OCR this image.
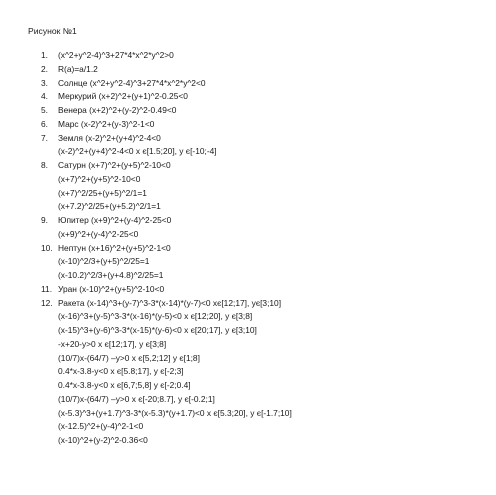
Рисунок №1
1.	(x^2+y^2-4)^3+27*4*x^2*y^2>0
2.	R(a)=a/1.2
3.	Солнце (x^2+y^2-4)^3+27*4*x^2*y^2<0
4.	Меркурий (x+2)^2+(y+1)^2-0.25<0
5.	Венера (x+2)^2+(y-2)^2-0.49<0
6.	Марс (x-2)^2+(y-3)^2-1<0
7.	Земля (x-2)^2+(y+4)^2-4<0
(x-2)^2+(y+4)^2-4<0 x є[1.5;20], y є[-10;-4]
8.	Сатурн (x+7)^2+(y+5)^2-10<0
(x+7)^2+(y+5)^2-10<0
(x+7)^2/25+(y+5)^2/1=1
(x+7.2)^2/25+(y+5.2)^2/1=1
9.	Юпитер (x+9)^2+(y-4)^2-25<0
(x+9)^2+(y-4)^2-25<0
10. Нептун (x+16)^2+(y+5)^2-1<0
(x-10)^2/3+(y+5)^2/25=1
(x-10.2)^2/3+(y+4.8)^2/25=1
11. Уран (x-10)^2+(y+5)^2-10<0
12. Ракета (x-14)^3+(y-7)^3-3*(x-14)*(y-7)<0 xє[12;17], yє[3;10]
(x-16)^3+(y-5)^3-3*(x-16)*(y-5)<0 x є[12;20], y є[3;8]
(x-15)^3+(y-6)^3-3*(x-15)*(y-6)<0 x є[20;17], y є[3;10]
-x+20-y>0 x є[12;17], y є[3;8]
(10/7)x-(64/7) –y>0 x є[5,2;12] y є[1;8]
0.4*x-3.8-y<0 x є[5.8;17], y є[-2;3]
0.4*x-3.8-y<0 x є[6,7;5,8] y є[-2;0.4]
(10/7)x-(64/7) –y>0 x є[-20;8.7], y є[-0.2;1]
(x-5.3)^3+(y+1.7)^3-3*(x-5.3)*(y+1.7)<0 x є[5.3;20], y є[-1.7;10]
(x-12.5)^2+(y-4)^2-1<0
(x-10)^2+(y-2)^2-0.36<0
